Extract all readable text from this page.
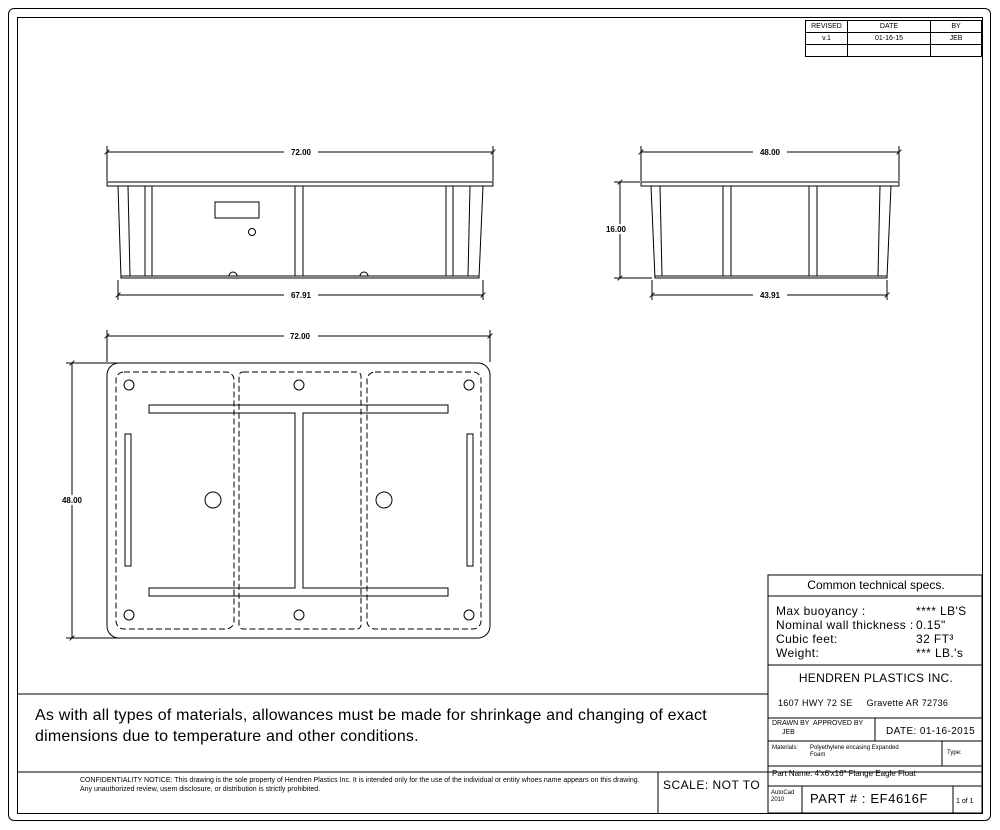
REVISED	DATE	BY
v.1	01-16-15	JEB

72.00
67.91
48.00
16.00
43.91
72.00
48.00
As with all types of materials, allowances must be made for shrinkage and changing of exact dimensions due to temperature and other conditions.
CONFIDENTIALITY NOTICE: This drawing is the sole property of Hendren Plastics Inc. It is intended only for the use of the individual or entity whoes name appears on this drawing. Any unauthorized review, usem disclosure, or distribution is strictly prohibited.	SCALE: NOT TO
Common technical specs.
Max buoyancy :	**** LB'S
Nominal wall thickness : 0.15"
Cubic feet:	32 FT³
Weight:	*** LB.'s
HENDREN PLASTICS INC.
1607 HWY 72 SE Gravette AR 72736
DRAWN BY APPROVED BY
JEB	DATE: 01-16-2015
Materials: Polyethylene encasing Expanded Foam	Type:
Part Name: 4'x6'x16" Flange Eagle Float
AutoCad 2010	PART # : EF4616F	1 of 1
